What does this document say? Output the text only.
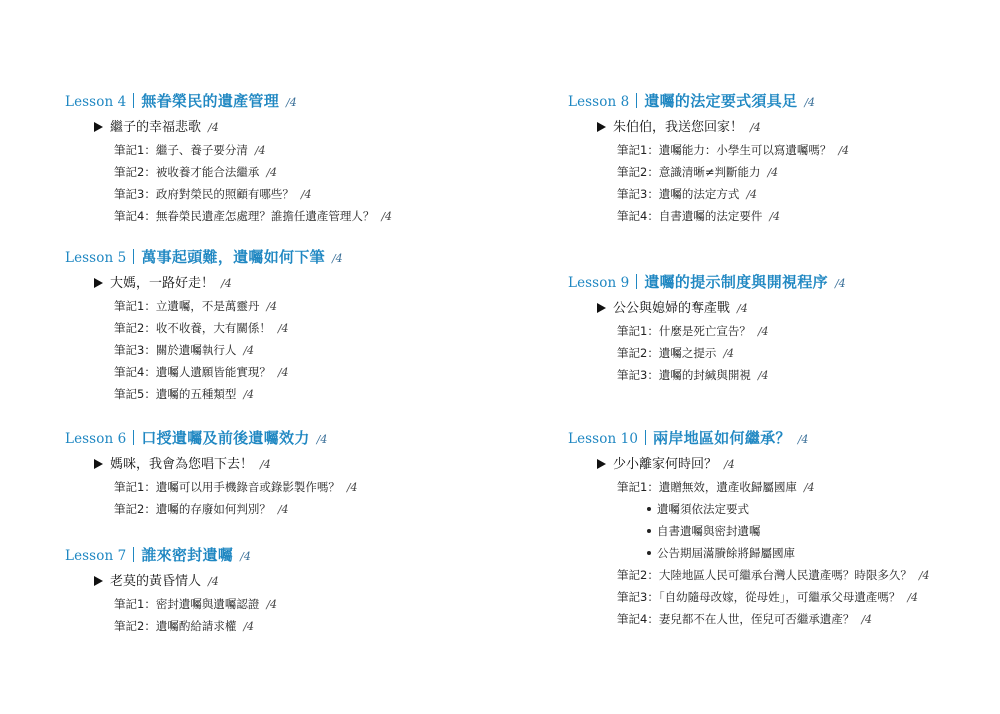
Lesson 4 無眷榮民的遺產管理 /4
繼子的幸福悲歌 /4
筆記1：繼子、養子要分清 /4
筆記2：被收養才能合法繼承 /4
筆記3：政府對榮民的照顧有哪些？ /4
筆記4：無眷榮民遺產怎處理？誰擔任遺產管理人？ /4
Lesson 5 萬事起頭難，遺囑如何下筆 /4
大媽，一路好走！ /4
筆記1：立遺囑，不是萬靈丹 /4
筆記2：收不收養，大有關係！ /4
筆記3：關於遺囑執行人 /4
筆記4：遺囑人遺願皆能實現？ /4
筆記5：遺囑的五種類型 /4
Lesson 6 口授遺囑及前後遺囑效力 /4
媽咪，我會為您唱下去！ /4
筆記1：遺囑可以用手機錄音或錄影製作嗎？ /4
筆記2：遺囑的存廢如何判別？ /4
Lesson 7 誰來密封遺囑 /4
老莫的黃昏情人 /4
筆記1：密封遺囑與遺囑認證 /4
筆記2：遺囑酌給請求權 /4
Lesson 8 遺囑的法定要式須具足 /4
朱伯伯，我送您回家！ /4
筆記1：遺囑能力：小學生可以寫遺囑嗎？ /4
筆記2：意識清晰≠判斷能力 /4
筆記3：遺囑的法定方式 /4
筆記4：自書遺囑的法定要件 /4
Lesson 9 遺囑的提示制度與開視程序 /4
公公與媳婦的奪產戰 /4
筆記1：什麼是死亡宣告？ /4
筆記2：遺囑之提示 /4
筆記3：遺囑的封緘與開視 /4
Lesson 10 兩岸地區如何繼承？ /4
少小離家何時回？ /4
筆記1：遺贈無效，遺產收歸屬國庫 /4
遺囑須依法定要式
自書遺囑與密封遺囑
公告期屆滿賸餘將歸屬國庫
筆記2：大陸地區人民可繼承台灣人民遺產嗎？時限多久？ /4
筆記3：「自幼隨母改嫁，從母姓」，可繼承父母遺產嗎？ /4
筆記4：妻兒都不在人世，侄兒可否繼承遺產？ /4
